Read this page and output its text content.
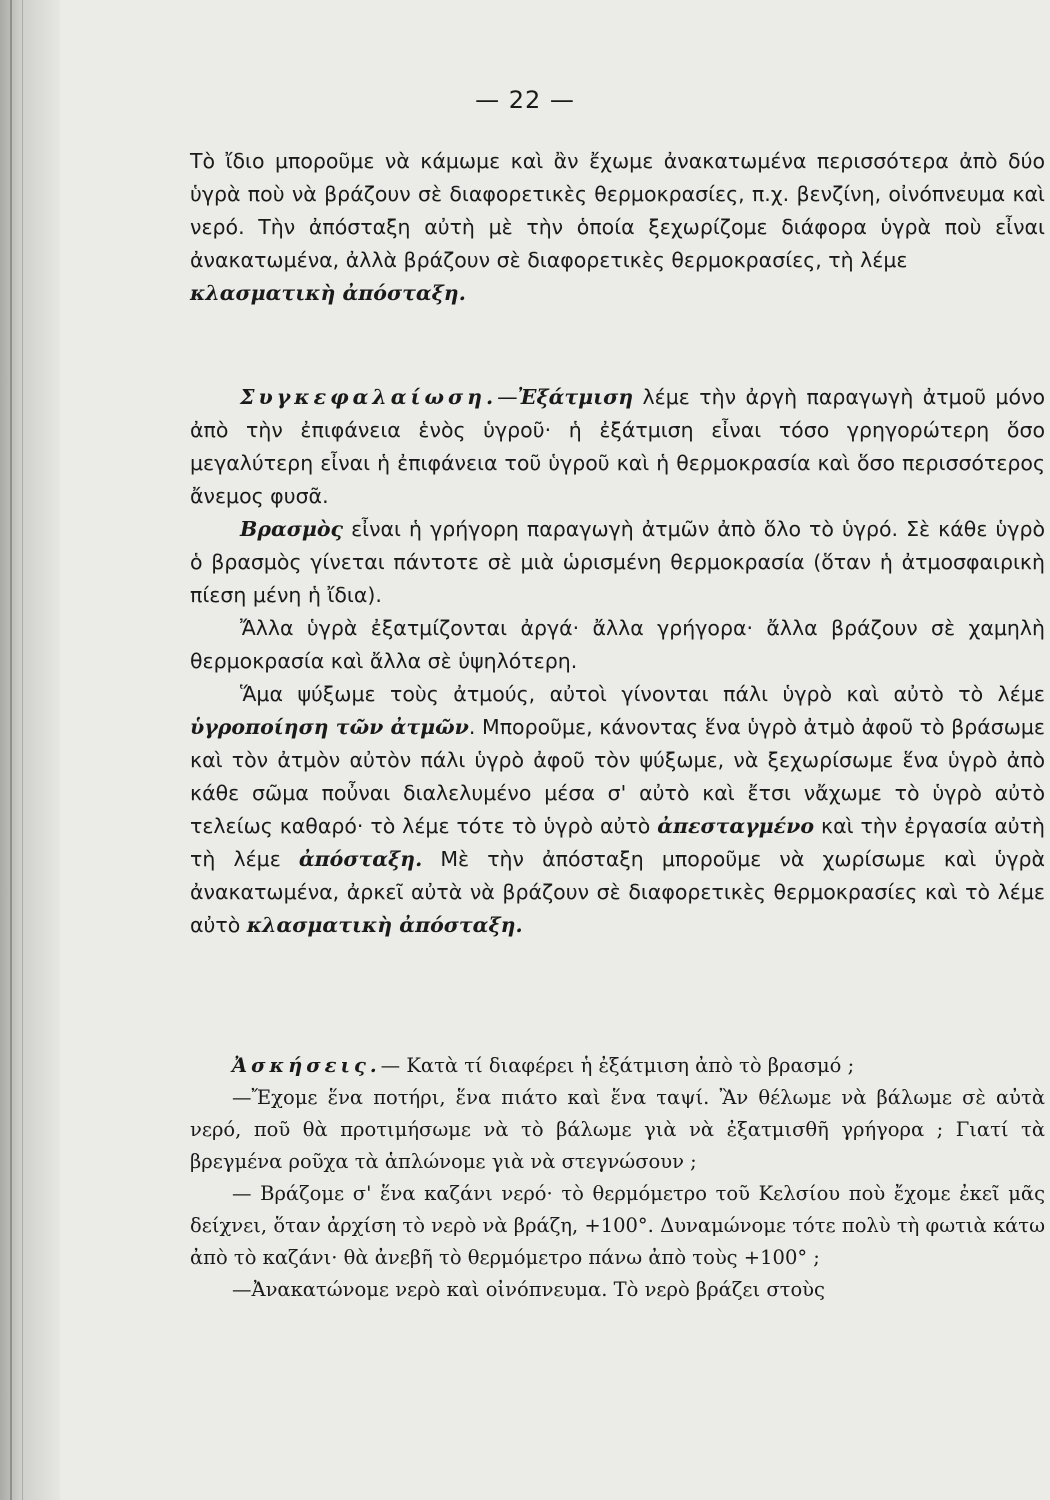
— 22 —

Τὸ ἴδιο μποροῦμε νὰ κάμωμε καὶ ἂν ἔχωμε ἀνακατωμένα περισσότερα ἀπὸ δύο ὑγρὰ ποὺ νὰ βράζουν σὲ διαφορετικὲς θερμοκρασίες, π.χ. βενζίνη, οἰνόπνευμα καὶ νερό. Τὴν ἀπόσταξη αὐτὴ μὲ τὴν ὁποία ξεχωρίζομε διάφορα ὑγρὰ ποὺ εἶναι ἀνακατωμένα, ἀλλὰ βράζουν σὲ διαφορετικὲς θερμοκρασίες, τὴ λέμε
κλασματικὴ ἀπόσταξη.

Συγκεφαλαίωση.—Ἐξάτμιση λέμε τὴν ἀργὴ παραγωγὴ ἀτμοῦ μόνο ἀπὸ τὴν ἐπιφάνεια ἑνὸς ὑγροῦ· ἡ ἐξάτμιση εἶναι τόσο γρηγορώτερη ὅσο μεγαλύτερη εἶναι ἡ ἐπιφάνεια τοῦ ὑγροῦ καὶ ἡ θερμοκρασία καὶ ὅσο περισσότερος ἄνεμος φυσᾶ.

Βρασμὸς εἶναι ἡ γρήγορη παραγωγὴ ἀτμῶν ἀπὸ ὅλο τὸ ὑγρό. Σὲ κάθε ὑγρὸ ὁ βρασμὸς γίνεται πάντοτε σὲ μιὰ ὡρισμένη θερμοκρασία (ὅταν ἡ ἀτμοσφαιρικὴ πίεση μένη ἡ ἴδια).

Ἄλλα ὑγρὰ ἐξατμίζονται ἀργά· ἄλλα γρήγορα· ἄλλα βράζουν σὲ χαμηλὴ θερμοκρασία καὶ ἄλλα σὲ ὑψηλότερη.

Ἅμα ψύξωμε τοὺς ἀτμούς, αὐτοὶ γίνονται πάλι ὑγρὸ καὶ αὐτὸ τὸ λέμε ὑγροποίηση τῶν ἀτμῶν. Μποροῦμε, κάνοντας ἕνα ὑγρὸ ἀτμὸ ἀφοῦ τὸ βράσωμε καὶ τὸν ἀτμὸν αὐτὸν πάλι ὑγρὸ ἀφοῦ τὸν ψύξωμε, νὰ ξεχωρίσωμε ἕνα ὑγρὸ ἀπὸ κάθε σῶμα ποὖναι διαλελυμένο μέσα σ' αὐτὸ καὶ ἔτσι νἄχωμε τὸ ὑγρὸ αὐτὸ τελείως καθαρό· τὸ λέμε τότε τὸ ὑγρὸ αὐτὸ ἀπεσταγμένο καὶ τὴν ἐργασία αὐτὴ τὴ λέμε ἀπόσταξη. Μὲ τὴν ἀπόσταξη μποροῦμε νὰ χωρίσωμε καὶ ὑγρὰ ἀνακατωμένα, ἀρκεῖ αὐτὰ νὰ βράζουν σὲ διαφορετικὲς θερμοκρασίες καὶ τὸ λέμε αὐτὸ κλασματικὴ ἀπόσταξη.

Ἀσκήσεις.— Κατὰ τί διαφέρει ἡ ἐξάτμιση ἀπὸ τὸ βρασμό ;

—Ἔχομε ἕνα ποτήρι, ἕνα πιάτο καὶ ἕνα ταψί. Ἂν θέλωμε νὰ βάλωμε σὲ αὐτὰ νερό, ποῦ θὰ προτιμήσωμε νὰ τὸ βάλωμε γιὰ νὰ ἐξατμισθῆ γρήγορα ; Γιατί τὰ βρεγμένα ροῦχα τὰ ἁπλώνομε γιὰ νὰ στεγνώσουν ;

— Βράζομε σ' ἕνα καζάνι νερό· τὸ θερμόμετρο τοῦ Κελσίου ποὺ ἔχομε ἐκεῖ μᾶς δείχνει, ὅταν ἀρχίση τὸ νερὸ νὰ βράζη, +100°. Δυναμώνομε τότε πολὺ τὴ φωτιὰ κάτω ἀπὸ τὸ καζάνι· θὰ ἀνεβῆ τὸ θερμόμετρο πάνω ἀπὸ τοὺς +100° ;

—Ἀνακατώνομε νερὸ καὶ οἰνόπνευμα. Τὸ νερὸ βράζει στοὺς
